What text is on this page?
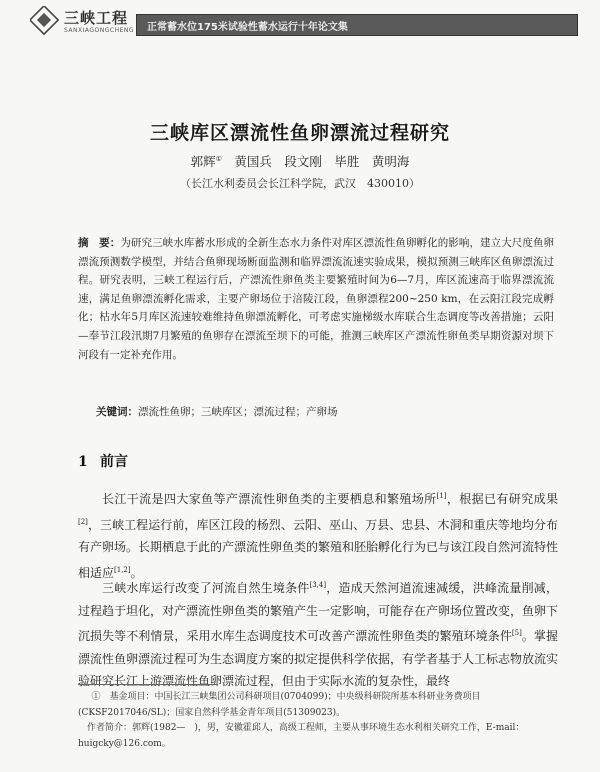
三峡工程
SANXIAGONGCHENG 正常蓄水位175米试验性蓄水运行十年论文集
三峡库区漂流性鱼卵漂流过程研究
郭辉①　 黄国兵　段文刚　毕胜　黄明海
（长江水利委员会长江科学院，武汉　430010）
摘　要：为研究三峡水库蓄水形成的全新生态水力条件对库区漂流性鱼卵孵化的影响，建立大尺度鱼卵漂流预测数学模型，并结合鱼卵现场断面监测和临界漂流流速实验成果，模拟预测三峡库区鱼卵漂流过程。研究表明，三峡工程运行后，产漂流性卵鱼类主要繁殖时间为6—7月，库区流速高于临界漂流流速，满足鱼卵漂流孵化需求，主要产卵场位于涪陵江段，鱼卵漂程200~250 km，在云阳江段完成孵化；枯水年5月库区流速较难维持鱼卵漂流孵化，可考虑实施梯级水库联合生态调度等改善措施；云阳—奉节江段汛期7月繁殖的鱼卵存在漂流至坝下的可能，推测三峡库区产漂流性卵鱼类早期资源对坝下河段有一定补充作用。
关键词：漂流性鱼卵；三峡库区；漂流过程；产卵场
1 前言

长江干流是四大家鱼等产漂流性卵鱼类的主要栖息和繁殖场所[1]，根据已有研究成果[2]，三峡工程运行前，库区江段的杨烈、云阳、巫山、万县、忠县、木洞和重庆等地均分布有产卵场。长期栖息于此的产漂流性卵鱼类的繁殖和胚胎孵化行为已与该江段自然河流特性相适应[1,2]。

三峡水库运行改变了河流自然生境条件[3,4]，造成天然河道流速减缓，洪峰流量削减，过程趋于坦化，对产漂流性卵鱼类的繁殖产生一定影响，可能存在产卵场位置改变，鱼卵下沉损失等不利情景，采用水库生态调度技术可改善产漂流性卵鱼类的繁殖环境条件[5]。掌握漂流性鱼卵漂流过程可为生态调度方案的拟定提供科学依据，有学者基于人工标志物放流实验研究长江上游漂流性鱼卵漂流过程，但由于实际水流的复杂性，最终

①　基金项目：中国长江三峡集团公司科研项目(0704099)；中央级科研院所基本科研业务费项目(CKSF2017046/SL)；国家自然科学基金青年项目(51309023)。

作者简介：郭辉(1982—　)，男，安徽霍邱人，高级工程师，主要从事环境生态水利相关研究工作，E-mail：huigcky@126.com。
